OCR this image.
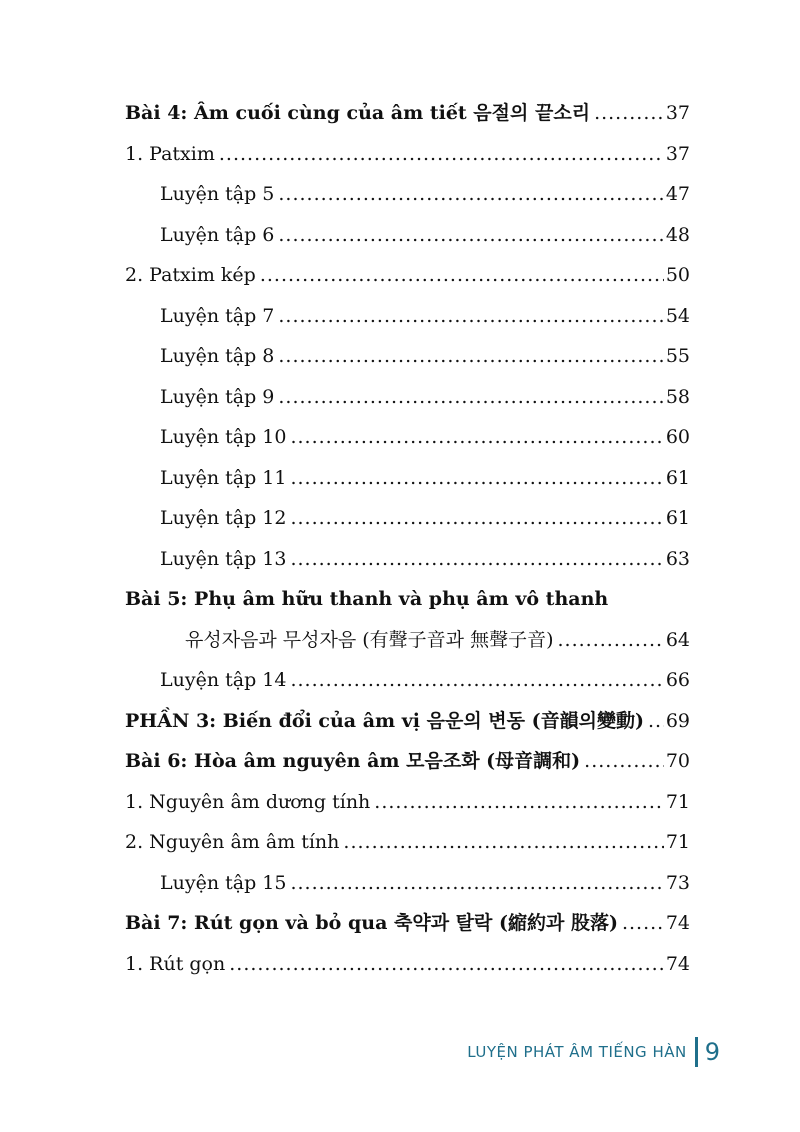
Bài 4: Âm cuối cùng của âm tiết 음절의 끝소리 .....	37
1. Patxim .....	37
Luyện tập 5 .....	47
Luyện tập 6 .....	48
2. Patxim kép .....	50
Luyện tập 7 .....	54
Luyện tập 8 .....	55
Luyện tập 9 .....	58
Luyện tập 10 .....	60
Luyện tập 11 .....	61
Luyện tập 12 .....	61
Luyện tập 13 .....	63
Bài 5: Phụ âm hữu thanh và phụ âm vô thanh
유성자음과 무성자음 (有聲子音과 無聲子音) .....	64
Luyện tập 14 .....	66
PHẦN 3: Biến đổi của âm vị 음운의 변동 (音韻의變動) ..... 69
Bài 6: Hòa âm nguyên âm 모음조화 (母音調和) .....	70
1. Nguyên âm dương tính .....	71
2. Nguyên âm âm tính .....	71
Luyện tập 15 .....	73
Bài 7: Rút gọn và bỏ qua 축약과 탈락 (縮約과 股落) .....	74
1. Rút gọn .....	74
LUYỆN PHÁT ÂM TIẾNG HÀN 9
